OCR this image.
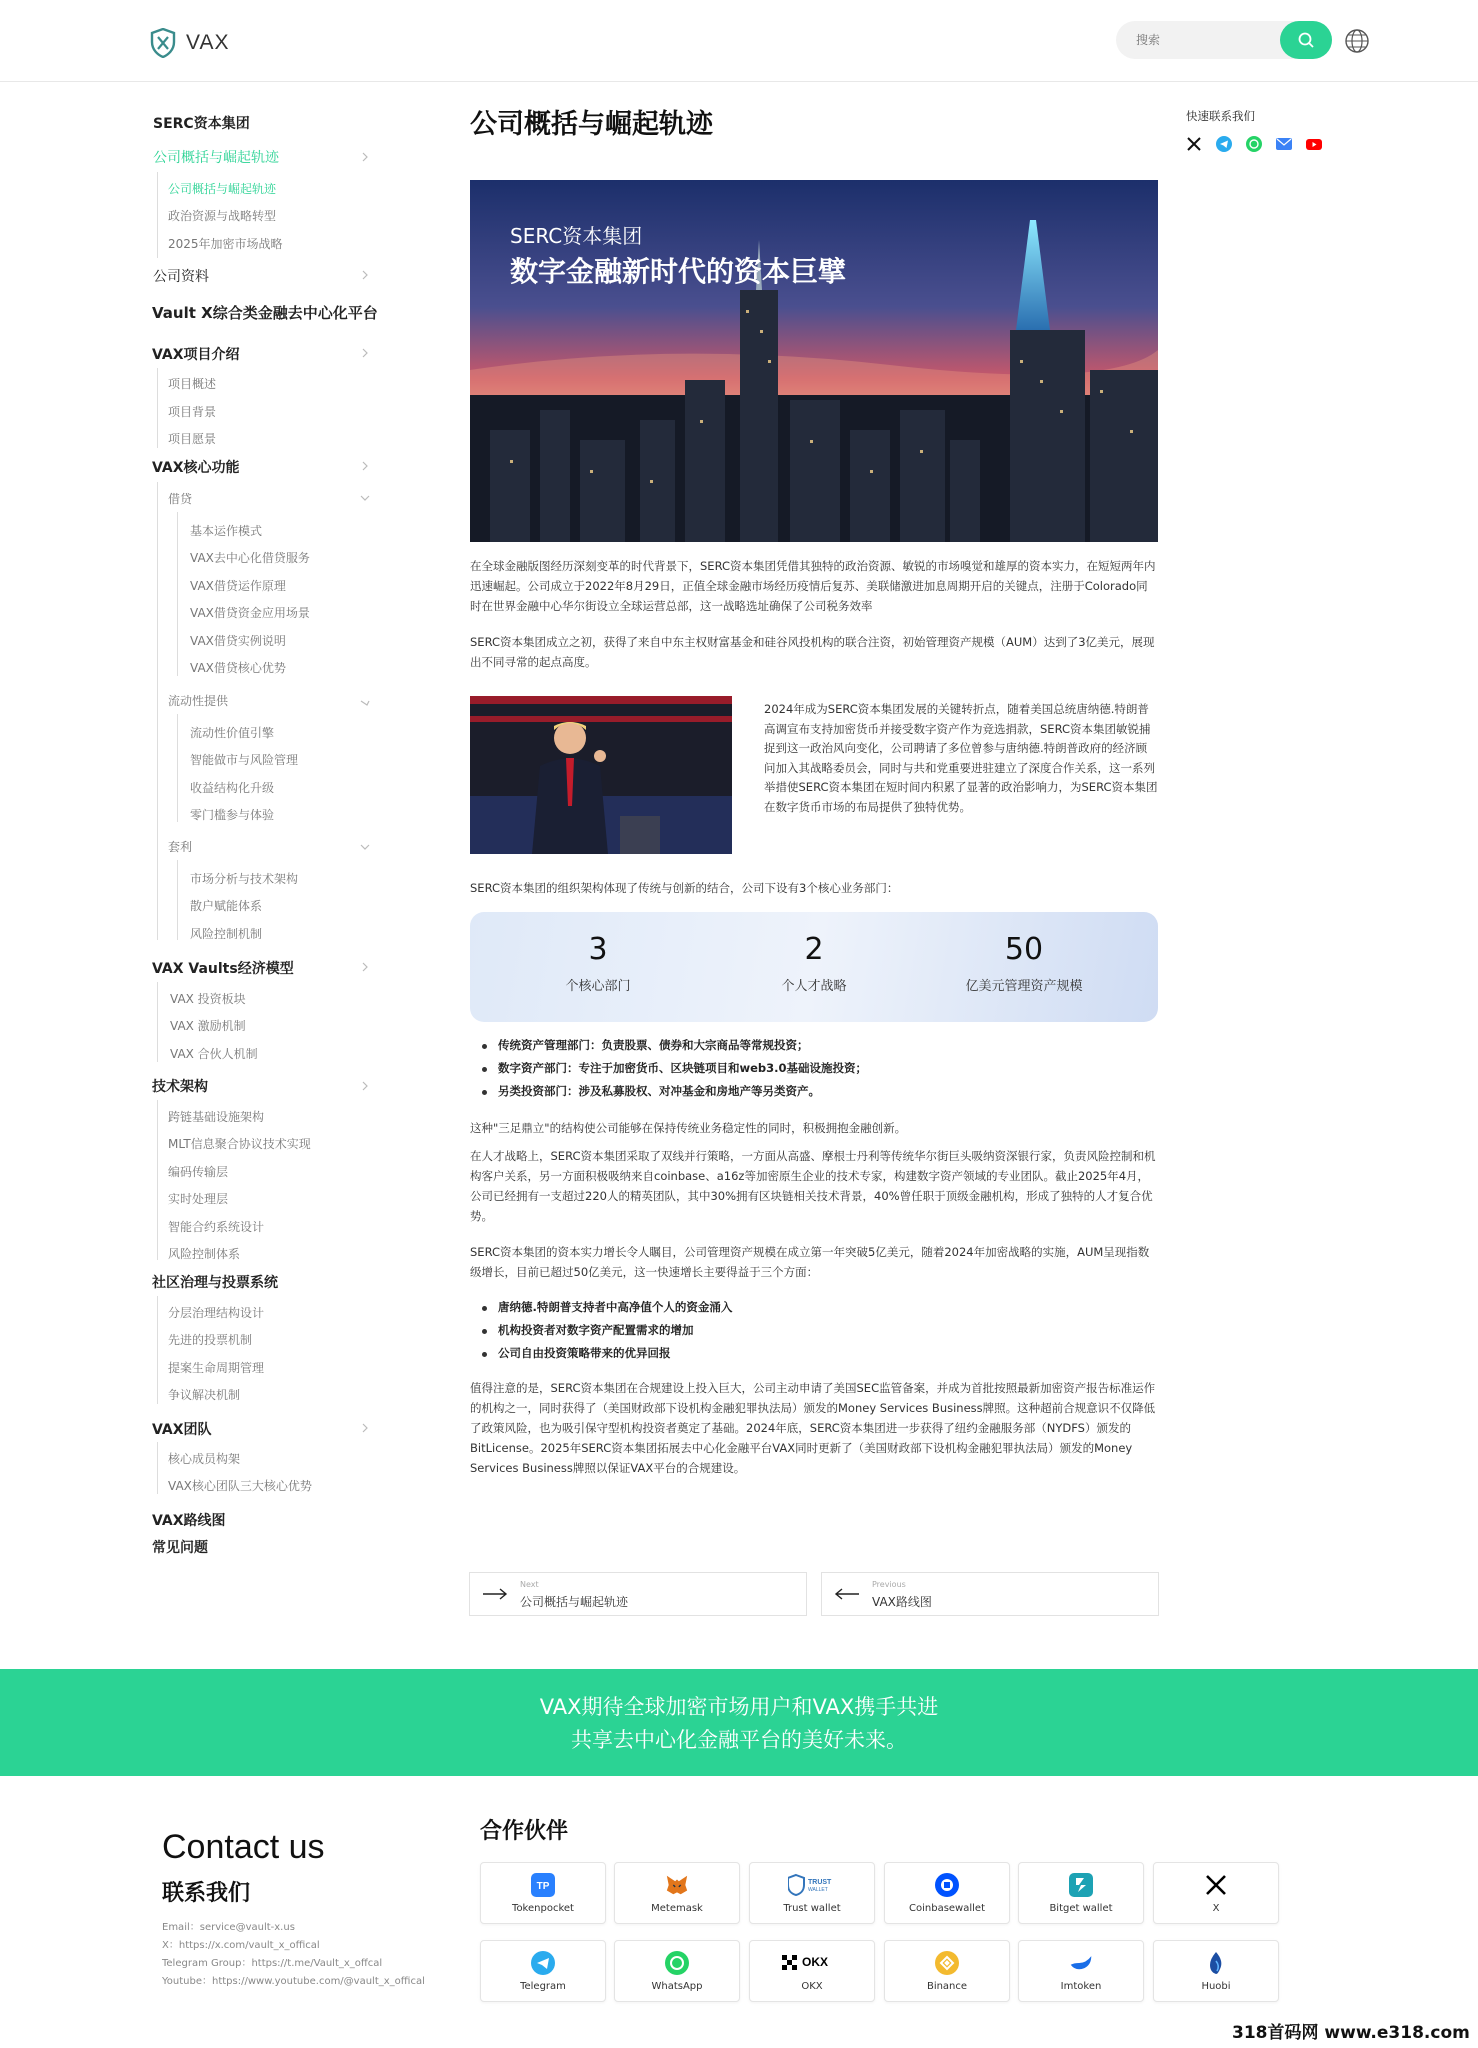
VAX
搜索
SERC资本集团
公司概括与崛起轨迹
公司概括与崛起轨迹
政治资源与战略转型
2025年加密市场战略
公司资料
Vault X综合类金融去中心化平台
VAX项目介绍
项目概述
项目背景
项目愿景
VAX核心功能
借贷
基本运作模式
VAX去中心化借贷服务
VAX借贷运作原理
VAX借贷资金应用场景
VAX借贷实例说明
VAX借贷核心优势
流动性提供
流动性价值引擎
智能做市与风险管理
收益结构化升级
零门槛参与体验
套利
市场分析与技术架构
散户赋能体系
风险控制机制
VAX Vaults经济模型
VAX 投资板块
VAX 激励机制
VAX 合伙人机制
技术架构
跨链基础设施架构
MLT信息聚合协议技术实现
编码传输层
实时处理层
智能合约系统设计
风险控制体系
社区治理与投票系统
分层治理结构设计
先进的投票机制
提案生命周期管理
争议解决机制
VAX团队
核心成员构架
VAX核心团队三大核心优势
VAX路线图
常见问题
公司概括与崛起轨迹
SERC资本集团
数字金融新时代的资本巨擘

在全球金融版图经历深刻变革的时代背景下，SERC资本集团凭借其独特的政治资源、敏锐的市场嗅觉和雄厚的资本实力，在短短两年内迅速崛起。公司成立于2022年8月29日，正值全球金融市场经历疫情后复苏、美联储激进加息周期开启的关键点，注册于Colorado同时在世界金融中心华尔街设立全球运营总部，这一战略选址确保了公司税务效率

SERC资本集团成立之初，获得了来自中东主权财富基金和硅谷风投机构的联合注资，初始管理资产规模（AUM）达到了3亿美元，展现出不同寻常的起点高度。

2024年成为SERC资本集团发展的关键转折点，随着美国总统唐纳德.特朗普高调宣布支持加密货币并接受数字资产作为竞选捐款，SERC资本集团敏锐捕捉到这一政治风向变化，公司聘请了多位曾参与唐纳德.特朗普政府的经济顾问加入其战略委员会，同时与共和党重要进驻建立了深度合作关系，这一系列举措使SERC资本集团在短时间内积累了显著的政治影响力，为SERC资本集团在数字货币市场的布局提供了独特优势。

SERC资本集团的组织架构体现了传统与创新的结合，公司下设有3个核心业务部门：

3
个核心部门
2
个人才战略
50
亿美元管理资产规模
传统资产管理部门：负责股票、债券和大宗商品等常规投资；
数字资产部门：专注于加密货币、区块链项目和web3.0基础设施投资；
另类投资部门：涉及私募股权、对冲基金和房地产等另类资产。

这种"三足鼎立"的结构使公司能够在保持传统业务稳定性的同时，积极拥抱金融创新。

在人才战略上，SERC资本集团采取了双线并行策略，一方面从高盛、摩根士丹利等传统华尔街巨头吸纳资深银行家，负责风险控制和机构客户关系，另一方面积极吸纳来自coinbase、a16z等加密原生企业的技术专家，构建数字资产领域的专业团队。截止2025年4月，公司已经拥有一支超过220人的精英团队，其中30%拥有区块链相关技术背景，40%曾任职于顶级金融机构，形成了独特的人才复合优势。

SERC资本集团的资本实力增长令人瞩目，公司管理资产规模在成立第一年突破5亿美元，随着2024年加密战略的实施，AUM呈现指数级增长，目前已超过50亿美元，这一快速增长主要得益于三个方面：

唐纳德.特朗普支持者中高净值个人的资金涌入
机构投资者对数字资产配置需求的增加
公司自由投资策略带来的优异回报

值得注意的是，SERC资本集团在合规建设上投入巨大，公司主动申请了美国SEC监管备案，并成为首批按照最新加密资产报告标准运作的机构之一，同时获得了（美国财政部下设机构金融犯罪执法局）颁发的Money Services Business牌照。这种超前合规意识不仅降低了政策风险，也为吸引保守型机构投资者奠定了基础。2024年底，SERC资本集团进一步获得了纽约金融服务部（NYDFS）颁发的BitLicense。2025年SERC资本集团拓展去中心化金融平台VAX同时更新了（美国财政部下设机构金融犯罪执法局）颁发的Money Services Business牌照以保证VAX平台的合规建设。

Next
公司概括与崛起轨迹
Previous
VAX路线图
快速联系我们
VAX期待全球加密市场用户和VAX携手共进
共享去中心化金融平台的美好未来。
Contact us
联系我们
Email：service@vault-x.us
X：https://x.com/vault_x_offical
Telegram Group：https://t.me/Vault_x_offcal
Youtube：https://www.youtube.com/@vault_x_offical
合作伙伴
TP
Tokenpocket	Metemask
TRUST
WALLET
Trust wallet	Coinbasewallet	Bitget wallet	X
Telegram	WhatsApp
OKX
OKX	Binance	Imtoken	Huobi
318首码网 www.e318.com
